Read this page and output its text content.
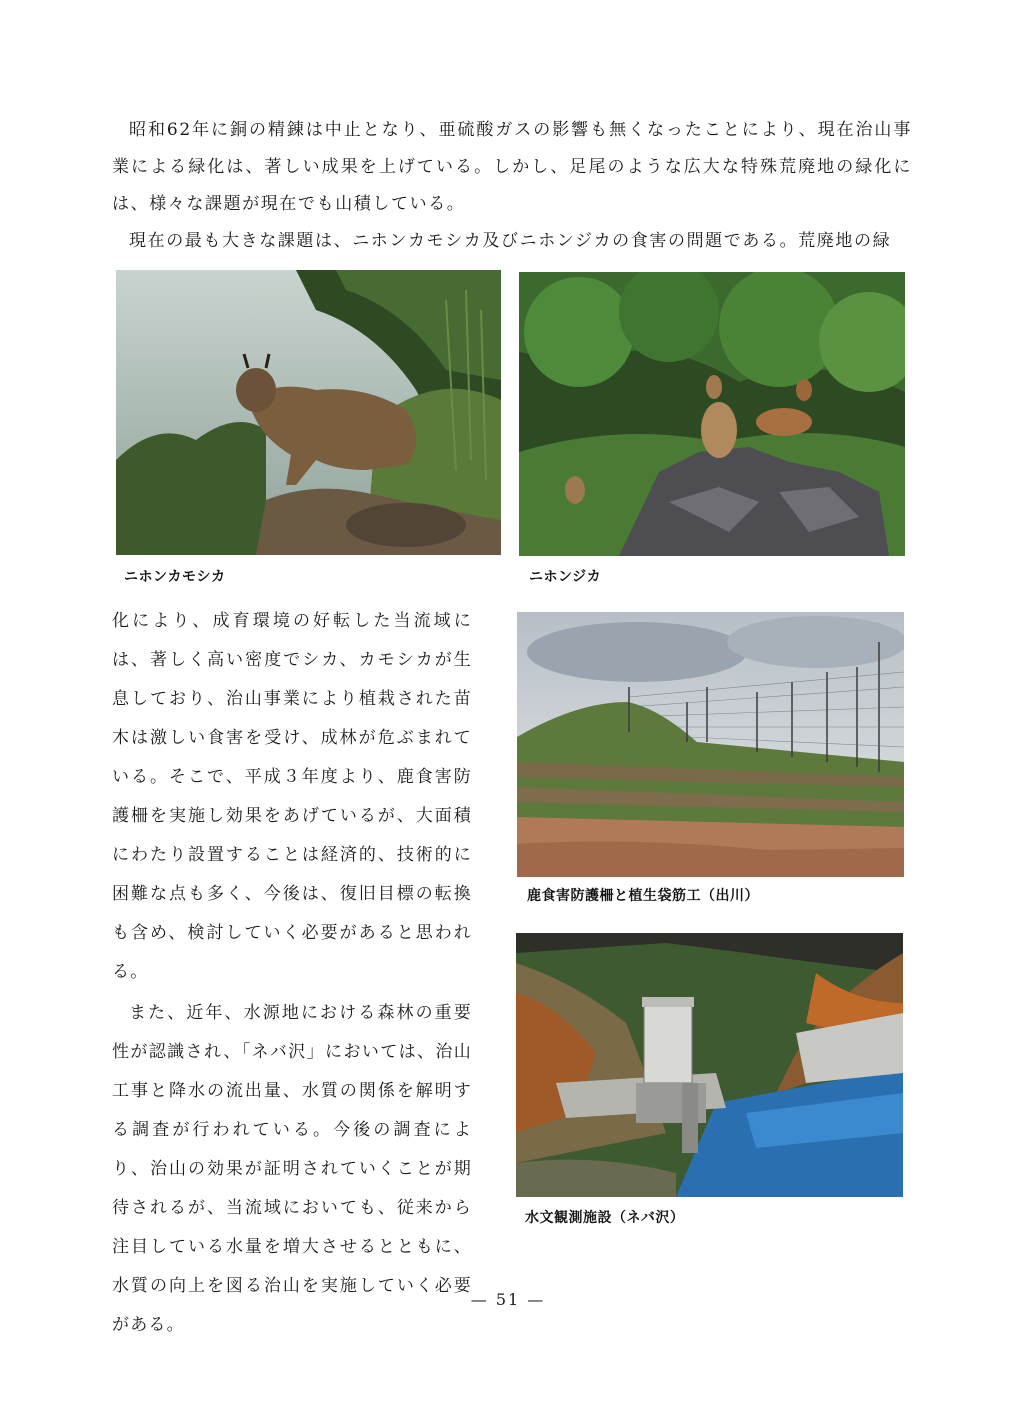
昭和62年に銅の精錬は中止となり、亜硫酸ガスの影響も無くなったことにより、現在治山事業による緑化は、著しい成果を上げている。しかし、足尾のような広大な特殊荒廃地の緑化には、様々な課題が現在でも山積している。

現在の最も大きな課題は、ニホンカモシカ及びニホンジカの食害の問題である。荒廃地の緑

ニホンカモシカ	ニホンジカ
鹿食害防護柵と植生袋筋工（出川）
水文観測施設（ネバ沢）

化により、成育環境の好転した当流域には、著しく高い密度でシカ、カモシカが生息しており、治山事業により植栽された苗木は激しい食害を受け、成林が危ぶまれている。そこで、平成３年度より、鹿食害防護柵を実施し効果をあげているが、大面積にわたり設置することは経済的、技術的に困難な点も多く、今後は、復旧目標の転換も含め、検討していく必要があると思われる。

また、近年、水源地における森林の重要性が認識され、「ネバ沢」においては、治山工事と降水の流出量、水質の関係を解明する調査が行われている。今後の調査により、治山の効果が証明されていくことが期待されるが、当流域においても、従来から注目している水量を増大させるとともに、水質の向上を図る治山を実施していく必要がある。

— 51 —
